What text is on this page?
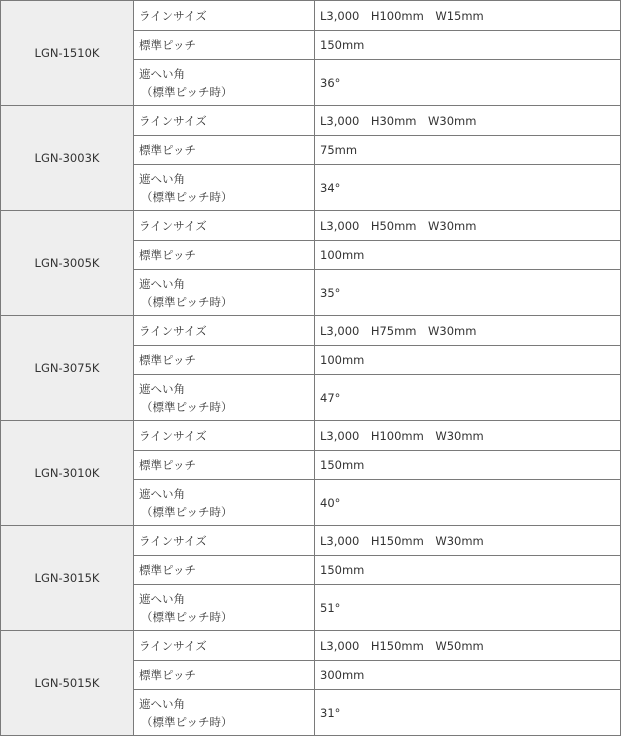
LGN-1510K	ラインサイズ	L3,000　H100mm　W15mm
	標準ピッチ	150mm

	遮へい角
（標準ピッチ時）	36°
LGN-3003K	ラインサイズ	L3,000　H30mm　W30mm
	標準ピッチ	75mm

	遮へい角
（標準ピッチ時）	34°
LGN-3005K	ラインサイズ	L3,000　H50mm　W30mm
	標準ピッチ	100mm

	遮へい角
（標準ピッチ時）	35°
LGN-3075K	ラインサイズ	L3,000　H75mm　W30mm
	標準ピッチ	100mm

	遮へい角
（標準ピッチ時）	47°
LGN-3010K	ラインサイズ	L3,000　H100mm　W30mm
	標準ピッチ	150mm

	遮へい角
（標準ピッチ時）	40°
LGN-3015K	ラインサイズ	L3,000　H150mm　W30mm
	標準ピッチ	150mm

	遮へい角
（標準ピッチ時）	51°
LGN-5015K	ラインサイズ	L3,000　H150mm　W50mm
	標準ピッチ	300mm

	遮へい角
（標準ピッチ時）	31°
